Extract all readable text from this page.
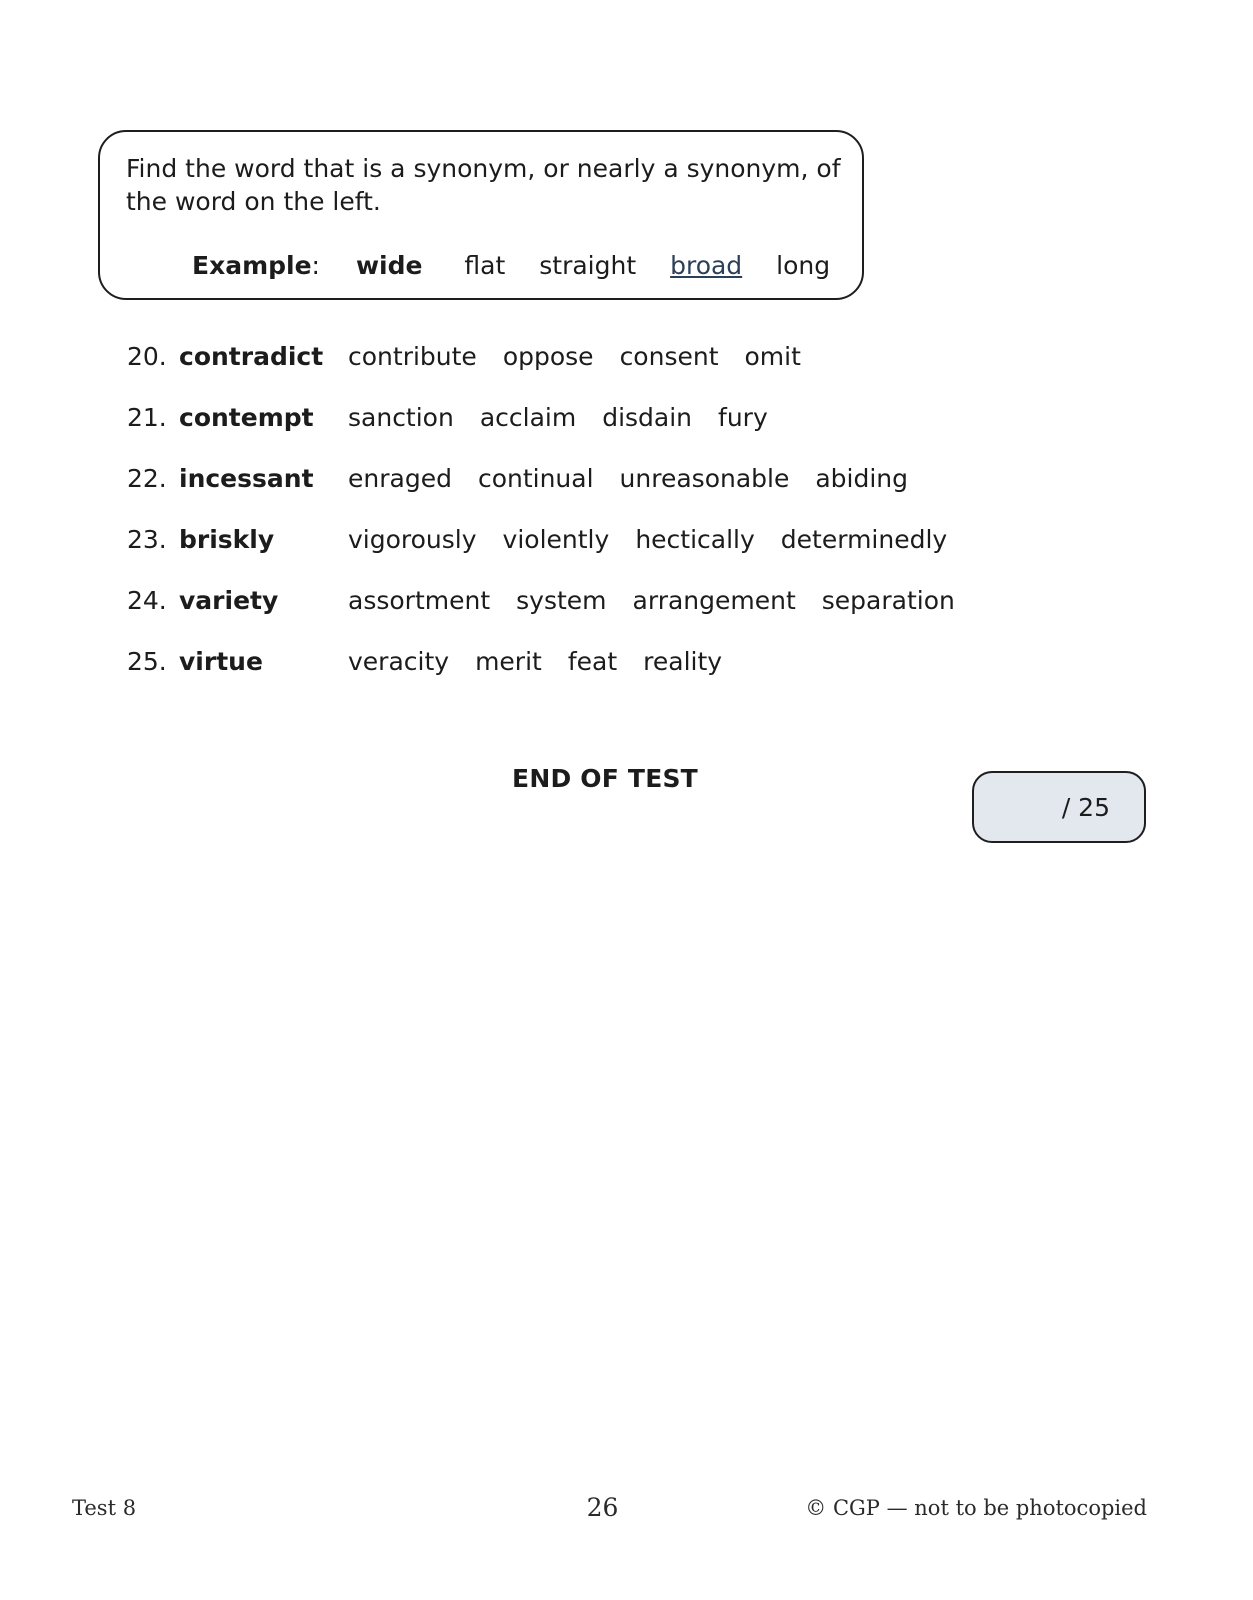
Find the word that is a synonym, or nearly a synonym, of the word on the left.

Example: wide flat straight broad long
20. contradict contribute oppose consent omit
21. contempt sanction acclaim disdain fury
22. incessant enraged continual unreasonable abiding
23. briskly	vigorously violently hectically determinedly
24. variety	assortment system arrangement separation
25. virtue	veracity merit feat reality
END OF TEST
/ 25
Test 8	26	© CGP — not to be photocopied
